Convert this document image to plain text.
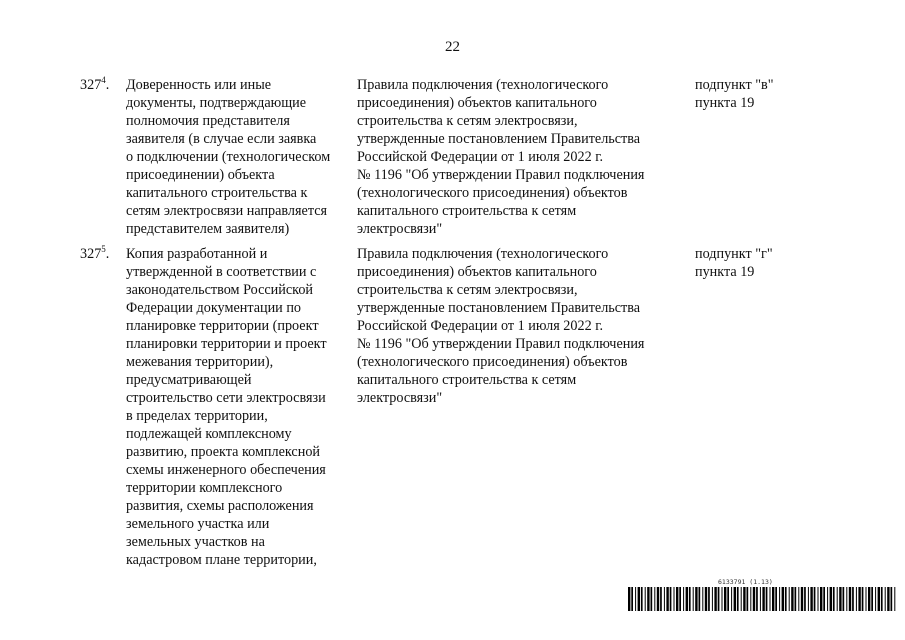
22
$327^4$. Доверенность или иные
документы, подтверждающие
полномочия представителя
заявителя (в случае если заявка
о подключении (технологическом
присоединении) объекта
капитального строительства к
сетям электросвязи направляется
представителем заявителя)
Правила подключения (технологического
присоединения) объектов капитального
строительства к сетям электросвязи,
утвержденные постановлением Правительства
Российской Федерации от 1 июля 2022 г.
№ 1196 "Об утверждении Правил подключения
(технологического присоединения) объектов
капитального строительства к сетям
электросвязи"
подпункт "в"
пункта 19
$327^5$. Копия разработанной и
утвержденной в соответствии с
законодательством Российской
Федерации документации по
планировке территории (проект
планировки территории и проект
межевания территории),
предусматривающей
строительство сети электросвязи
в пределах территории,
подлежащей комплексному
развитию, проекта комплексной
схемы инженерного обеспечения
территории комплексного
развития, схемы расположения
земельного участка или
земельных участков на
кадастровом плане территории,
Правила подключения (технологического
присоединения) объектов капитального
строительства к сетям электросвязи,
утвержденные постановлением Правительства
Российской Федерации от 1 июля 2022 г.
№ 1196 "Об утверждении Правил подключения
(технологического присоединения) объектов
капитального строительства к сетям
электросвязи"
подпункт "г"
пункта 19
6133791 (1.13)
